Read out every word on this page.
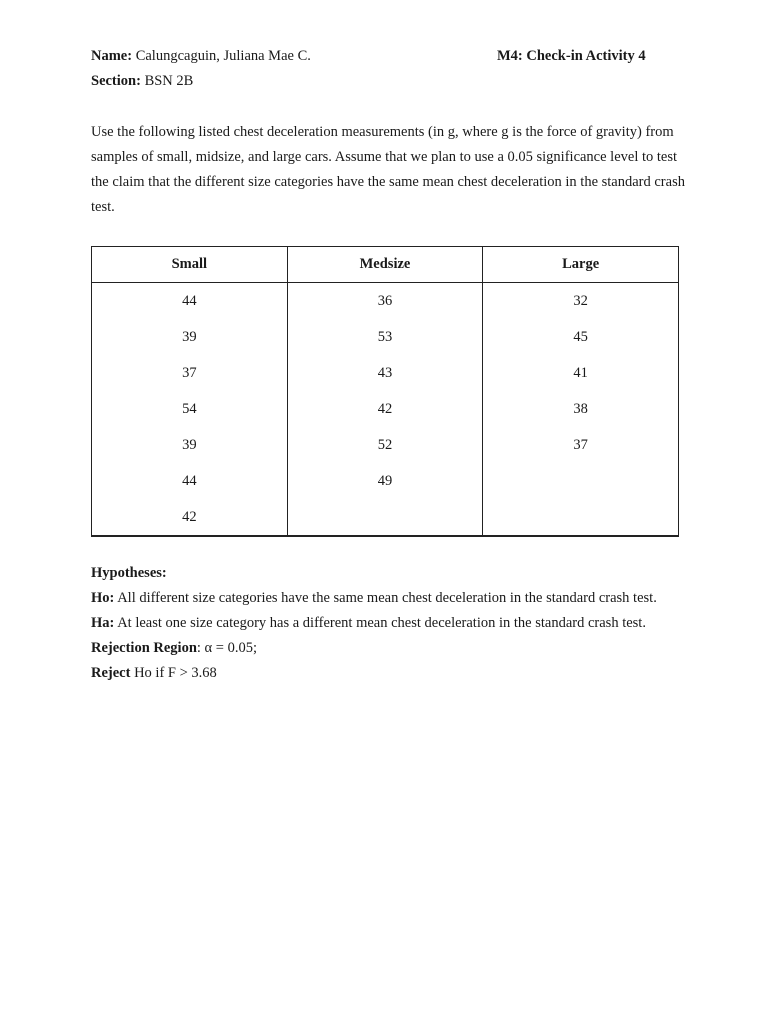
Name: Calungcaguin, Juliana Mae C.	M4: Check-in Activity 4
Section: BSN 2B
Use the following listed chest deceleration measurements (in g, where g is the force of gravity) from samples of small, midsize, and large cars. Assume that we plan to use a 0.05 significance level to test the claim that the different size categories have the same mean chest deceleration in the standard crash test.
Small	Medsize	Large
44	36	32
39	53	45
37	43	41
54	42	38
39	52	37
44	49	
42		
Hypotheses:
Ho: All different size categories have the same mean chest deceleration in the standard crash test.
Ha: At least one size category has a different mean chest deceleration in the standard crash test.
Rejection Region: α = 0.05;
Reject Ho if F > 3.68
